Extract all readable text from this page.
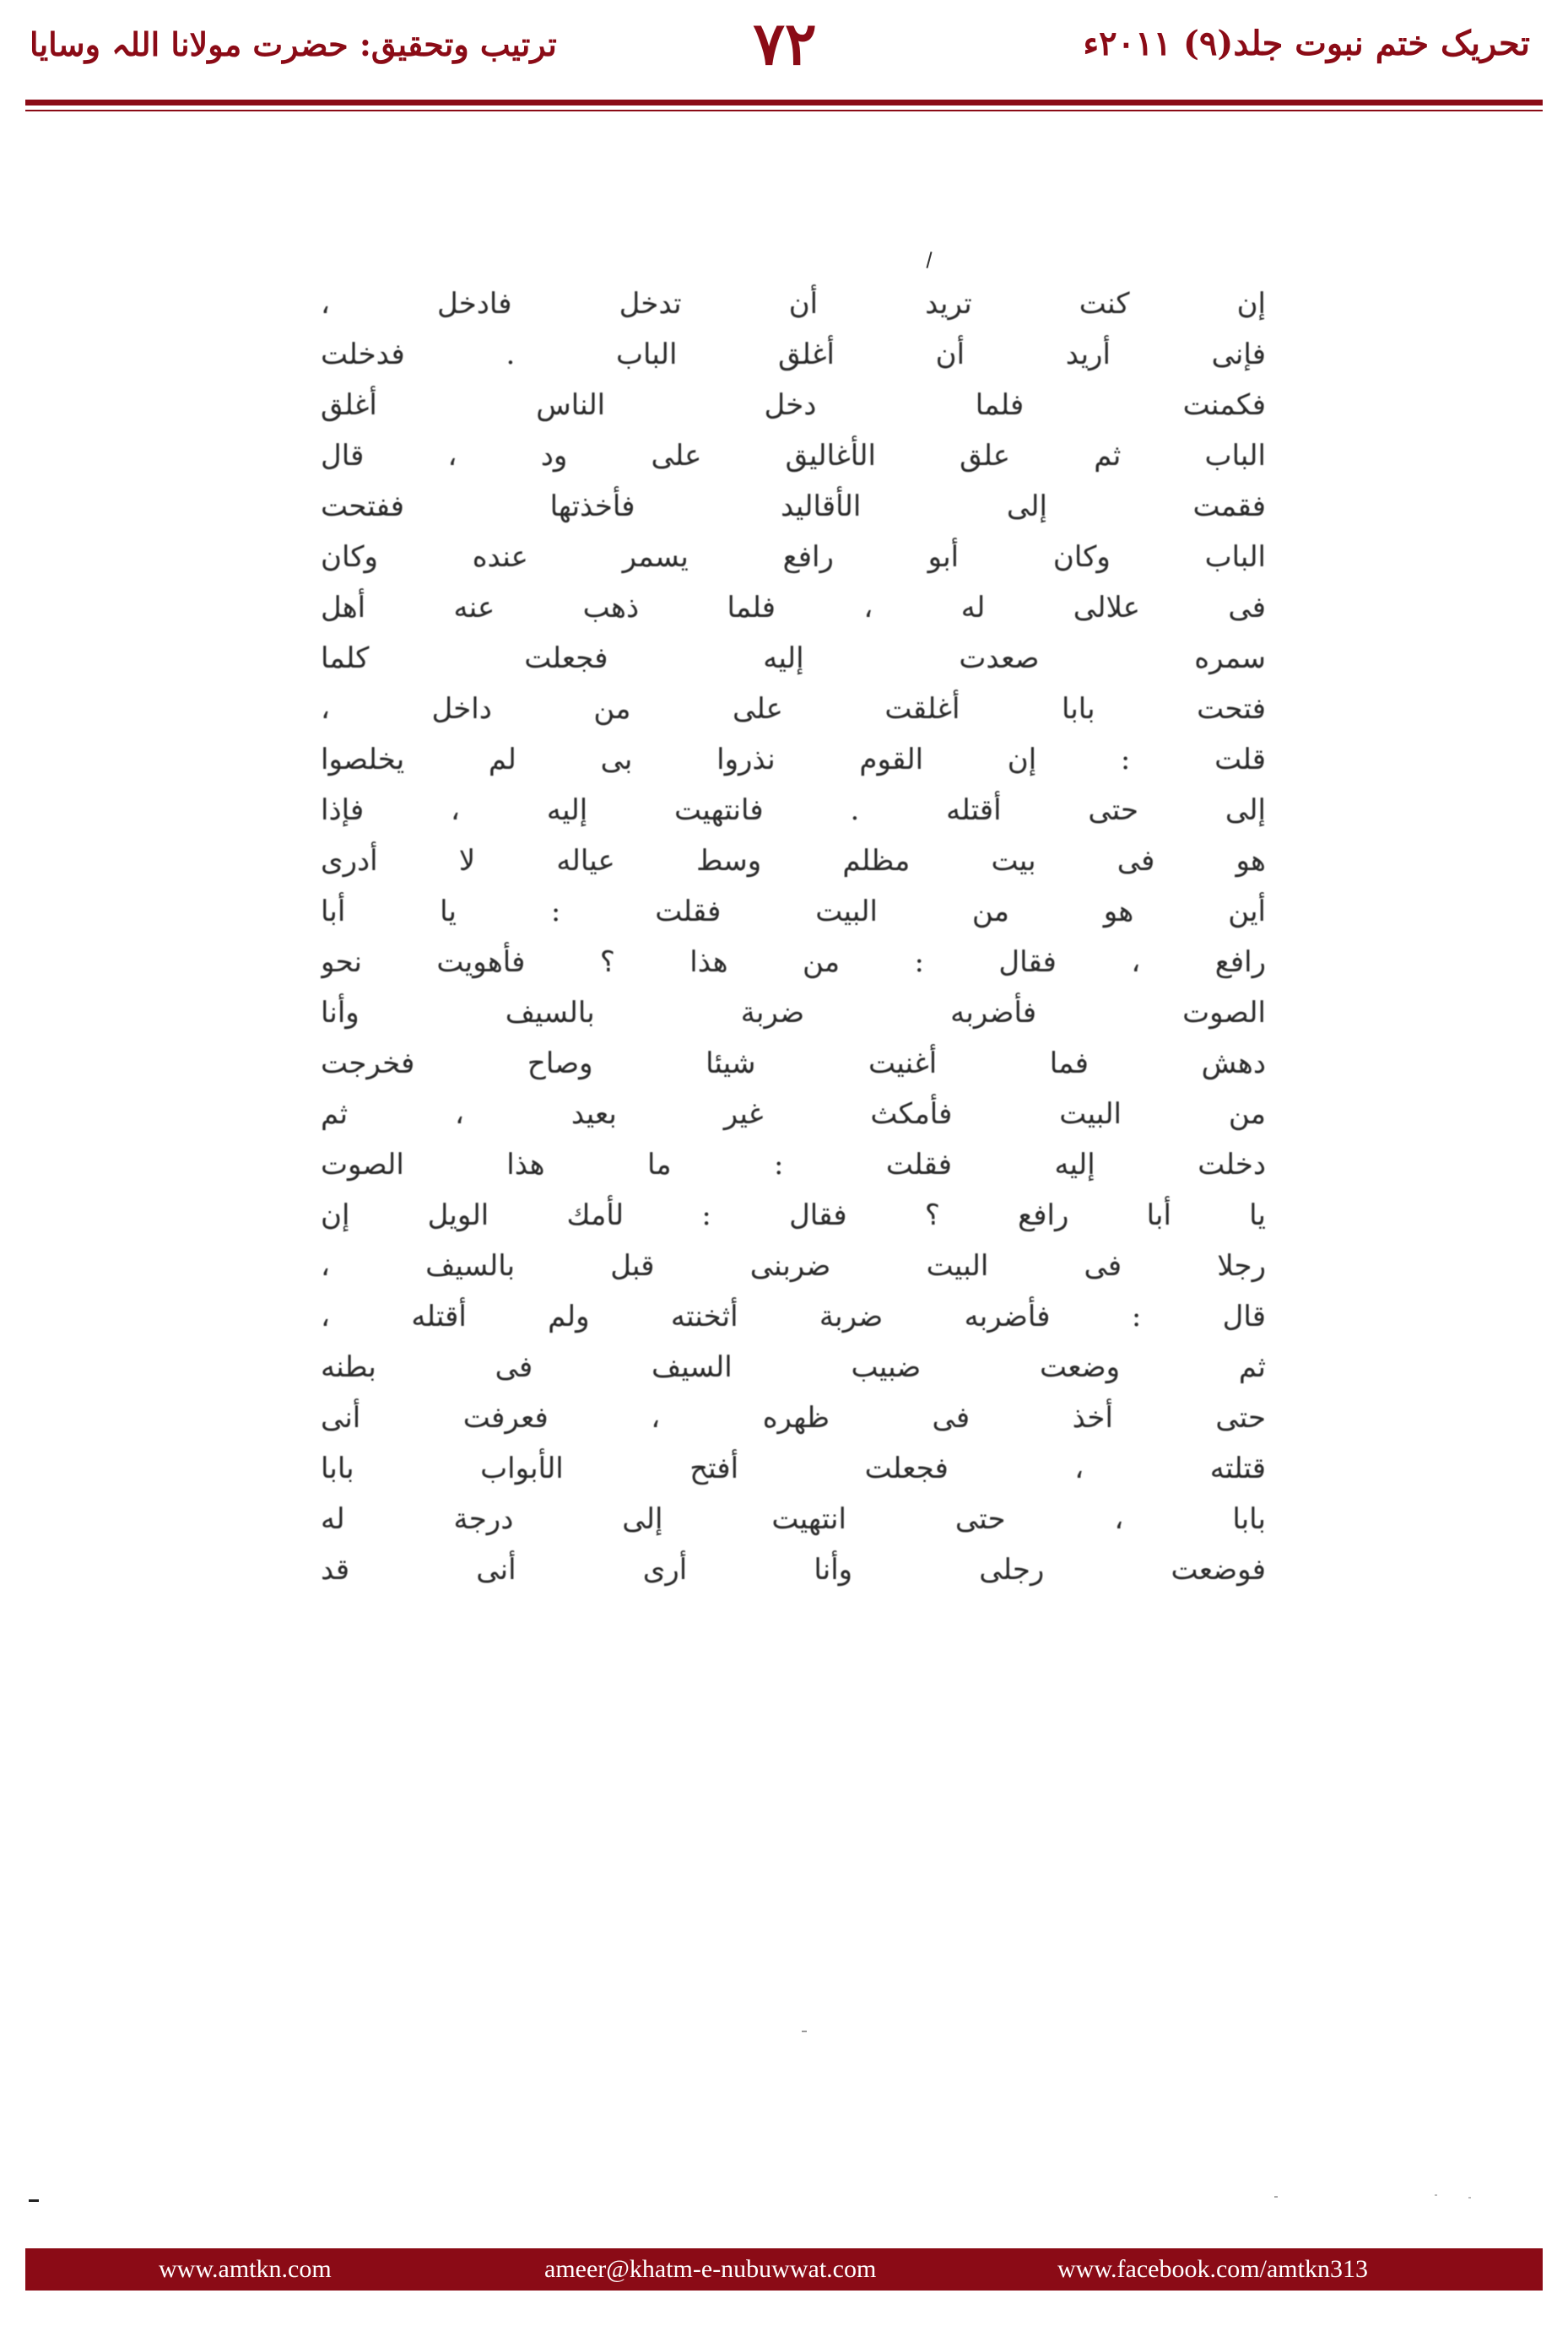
تحریک ختم نبوت جلد(۹) ۲۰۱۱ء
۷۲
ترتیب وتحقیق: حضرت مولانا اللہ وسایا
إن كنت تريد أن تدخل فادخل ،
فإنى أريد أن أغلق الباب . فدخلت
فكمنت فلما دخل الناس أغلق
الباب ثم علق الأغاليق على ود ، قال
فقمت إلى الأقاليد فأخذتها ففتحت
الباب وكان أبو رافع يسمر عنده وكان
فى علالى له ، فلما ذهب عنه أهل
سمره صعدت إليه فجعلت كلما
فتحت بابا أغلقت على من داخل ،
قلت : إن القوم نذروا بى لم يخلصوا
إلى حتى أقتله . فانتهيت إليه ، فإذا
هو فى بيت مظلم وسط عياله لا أدرى
أين هو من البيت فقلت : يا أبا
رافع ، فقال : من هذا ؟ فأهويت نحو
الصوت فأضربه ضربة بالسيف وأنا
دهش فما أغنيت شيئا وصاح فخرجت
من البيت فأمكث غير بعيد ، ثم
دخلت إليه فقلت : ما هذا الصوت
يا أبا رافع ؟ فقال : لأمك الويل إن
رجلا فى البيت ضربنى قبل بالسيف ،
قال : فأضربه ضربة أثخنته ولم أقتله ،
ثم وضعت ضبيب السيف فى بطنه
حتى أخذ فى ظهره ، فعرفت أنى
قتلته ، فجعلت أفتح الأبواب بابا
بابا ، حتى انتهيت إلى درجة له
فوضعت رجلى وأنا أرى أنى قد
www.amtkn.com	ameer@khatm-e-nubuwwat.com	www.facebook.com/amtkn313
